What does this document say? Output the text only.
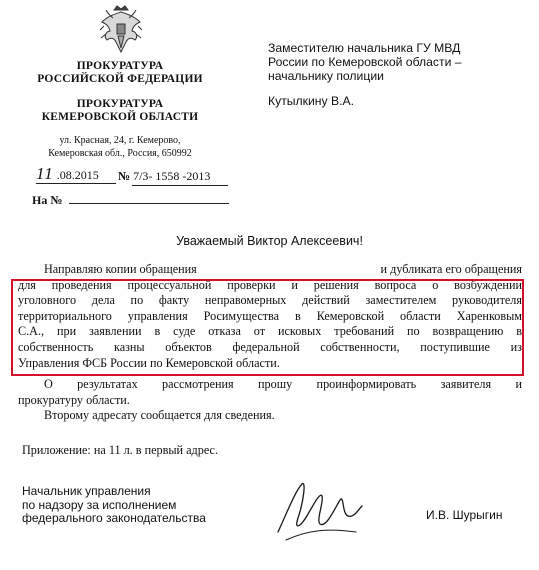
ПРОКУРАТУРА
РОССИЙСКОЙ ФЕДЕРАЦИИ
ПРОКУРАТУРА
КЕМЕРОВСКОЙ ОБЛАСТИ
ул. Красная, 24, г. Кемерово,
Кемеровская обл., Россия, 650992
11 .08.2015	№ 7/3- 1558 -2013
На №
Заместителю начальника ГУ МВД
России по Кемеровской области –
начальнику полиции
Кутылкину В.А.
Уважаемый Виктор Алексеевич!
Направляю копии обращения	и дубликата его обращения
для проведения процессуальной проверки и решения вопроса о возбуждении
уголовного дела по факту неправомерных действий заместителем руководителя
территориального управления Росимущества в Кемеровской области Харенковым
С.А., при заявлении в суде отказа от исковых требований по возвращению в
собственность казны объектов федеральной собственности, поступившие из
Управления ФСБ России по Кемеровской области.
О результатах рассмотрения прошу проинформировать заявителя и
прокуратуру области.
Второму адресату сообщается для сведения.
Приложение: на 11 л. в первый адрес.
Начальник управления
по надзору за исполнением
федерального законодательства	И.В. Шурыгин
